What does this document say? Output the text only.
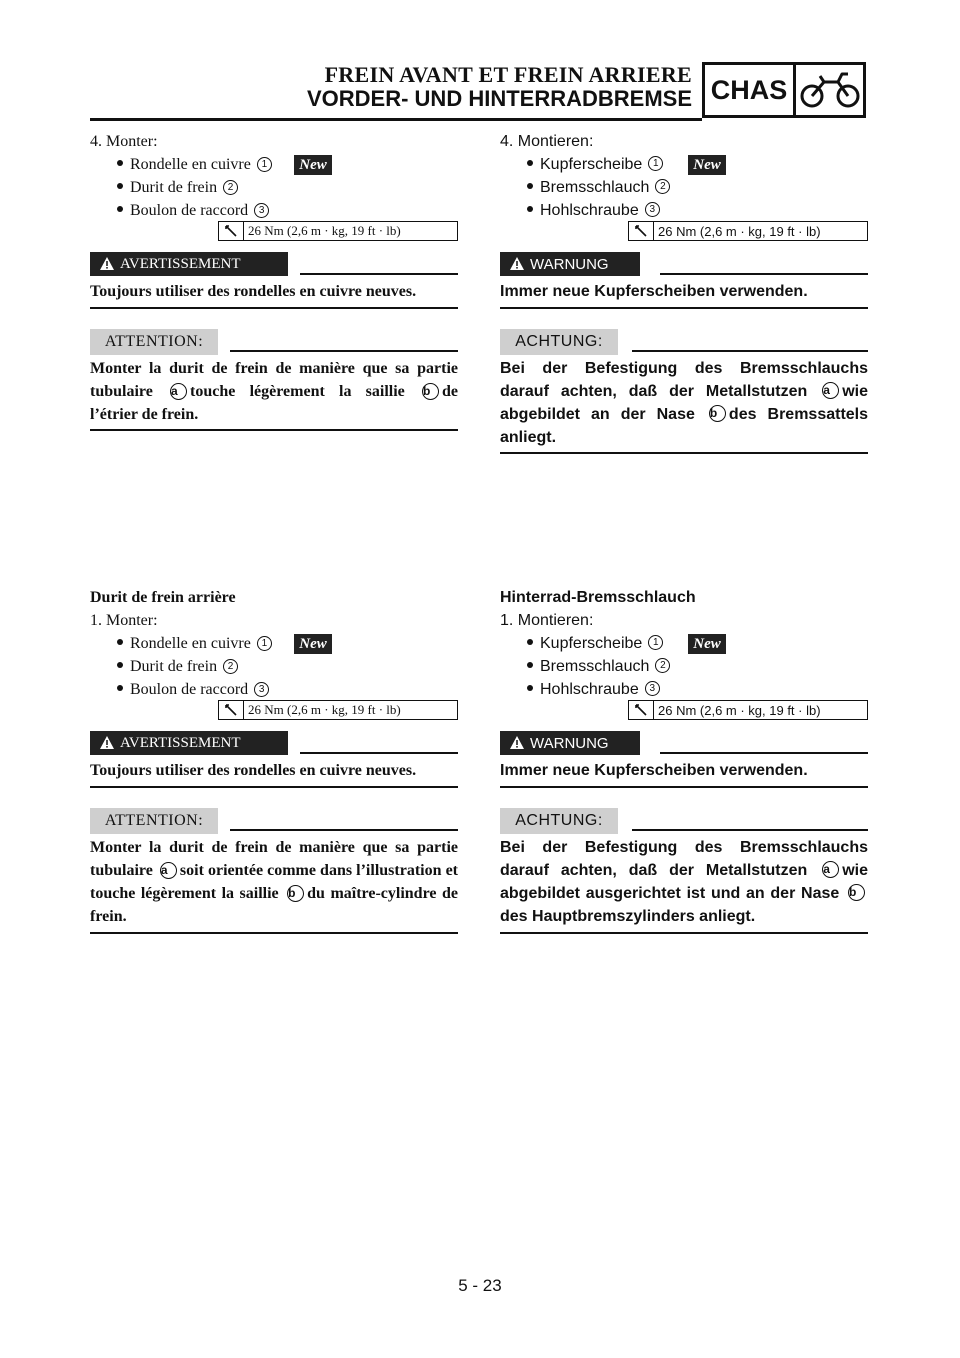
FREIN AVANT ET FREIN ARRIERE
VORDER- UND HINTERRADBREMSE CHAS
4. Monter:
Rondelle en cuivre 1	New
Durit de frein 2
Boulon de raccord 3
26 Nm (2,6 m · kg, 19 ft · lb)
AVERTISSEMENT
Toujours utiliser des rondelles en cuivre neuves.
ATTENTION:
Monter la durit de frein de manière que sa partie tubulaire a touche légèrement la saillie b de l’étrier de frein.
Durit de frein arrière
1. Monter:
Rondelle en cuivre 1	New
Durit de frein 2
Boulon de raccord 3
26 Nm (2,6 m · kg, 19 ft · lb)
AVERTISSEMENT
Toujours utiliser des rondelles en cuivre neuves.
ATTENTION:
Monter la durit de frein de manière que sa partie tubulaire a soit orientée comme dans l’illustration et touche légèrement la saillie b du maître-cylindre de frein.
4. Montieren:
Kupferscheibe 1	New
Bremsschlauch 2
Hohlschraube 3
26 Nm (2,6 m · kg, 19 ft · lb)
WARNUNG
Immer neue Kupferscheiben verwenden.
ACHTUNG:
Bei der Befestigung des Bremsschlauchs darauf achten, daß der Metallstutzen a wie abgebildet an der Nase b des Bremssattels anliegt.
Hinterrad-Bremsschlauch
1. Montieren:
Kupferscheibe 1	New
Bremsschlauch 2
Hohlschraube 3
26 Nm (2,6 m · kg, 19 ft · lb)
WARNUNG
Immer neue Kupferscheiben verwenden.
ACHTUNG:
Bei der Befestigung des Bremsschlauchs darauf achten, daß der Metallstutzen a wie abgebildet ausgerichtet ist und an der Nase bdes Hauptbremszylinders anliegt.
5 - 23
